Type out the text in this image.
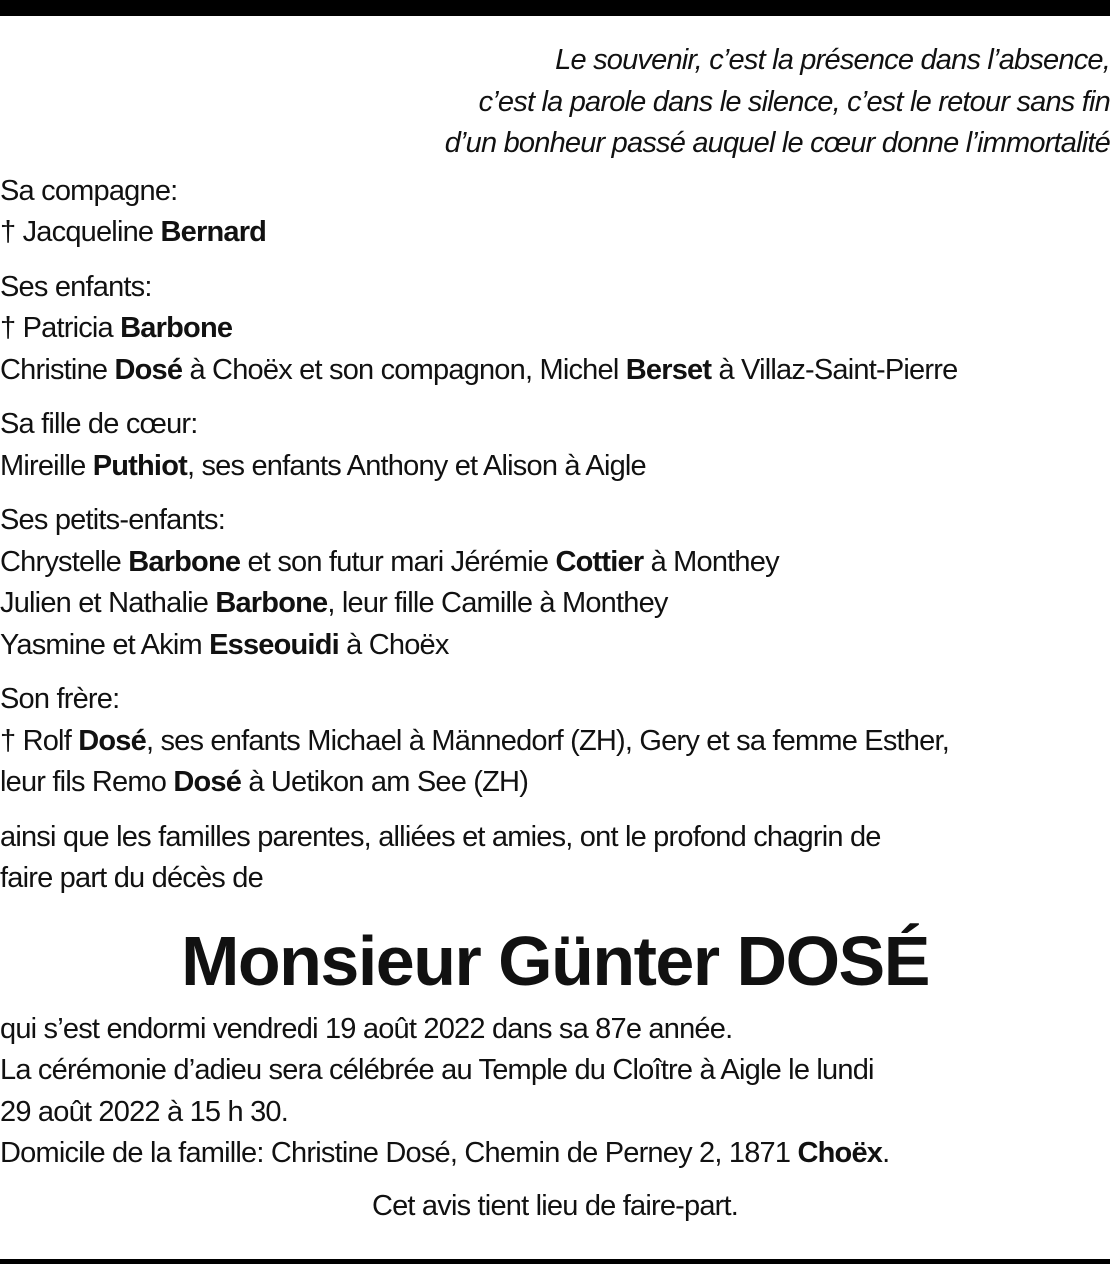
Le souvenir, c’est la présence dans l’absence,
c’est la parole dans le silence, c’est le retour sans fin
d’un bonheur passé auquel le cœur donne l’immortalité
Sa compagne:
† Jacqueline Bernard
Ses enfants:
† Patricia Barbone
Christine Dosé à Choëx et son compagnon, Michel Berset à Villaz-Saint-Pierre
Sa fille de cœur:
Mireille Puthiot, ses enfants Anthony et Alison à Aigle
Ses petits-enfants:
Chrystelle Barbone et son futur mari Jérémie Cottier à Monthey
Julien et Nathalie Barbone, leur fille Camille à Monthey
Yasmine et Akim Esseouidi à Choëx
Son frère:
† Rolf Dosé, ses enfants Michael à Männedorf (ZH), Gery et sa femme Esther,
leur fils Remo Dosé à Uetikon am See (ZH)
ainsi que les familles parentes, alliées et amies, ont le profond chagrin de
faire part du décès de
Monsieur Günter DOSÉ
qui s’est endormi vendredi 19 août 2022 dans sa 87e année.
La cérémonie d’adieu sera célébrée au Temple du Cloître à Aigle le lundi
29 août 2022 à 15 h 30.
Domicile de la famille: Christine Dosé, Chemin de Perney 2, 1871 Choëx.
Cet avis tient lieu de faire-part.
